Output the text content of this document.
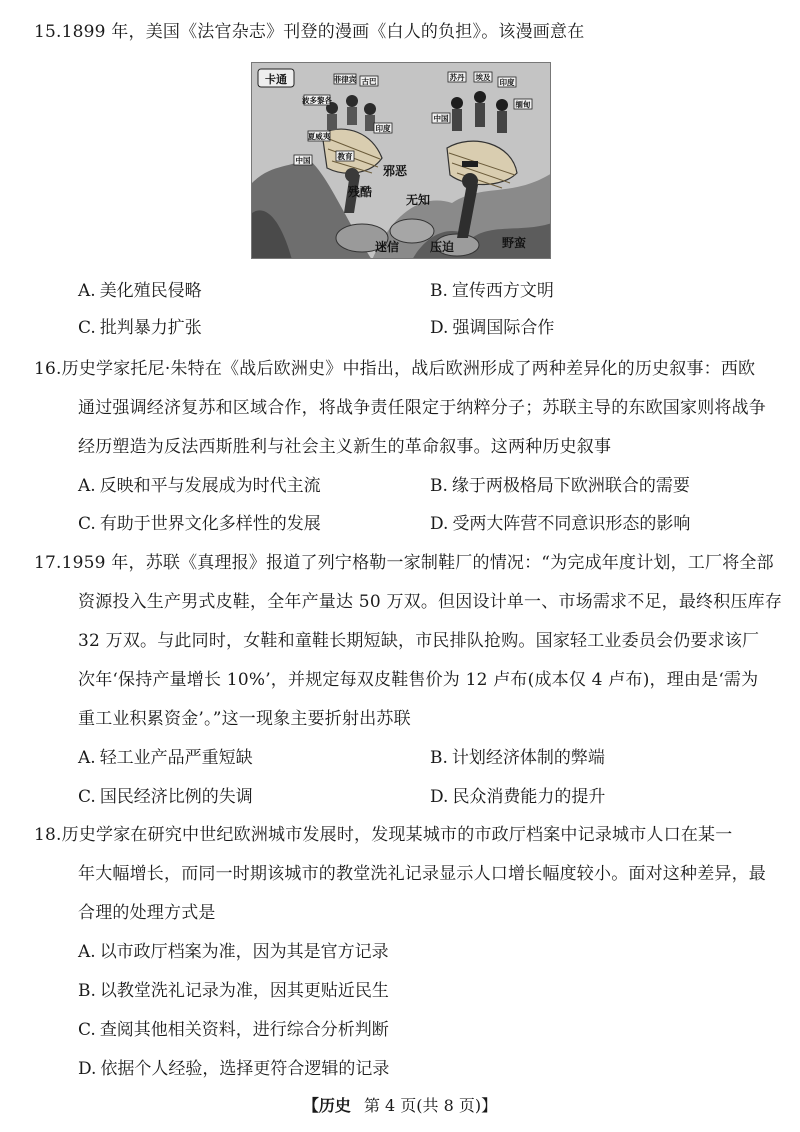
15.1899 年，美国《法官杂志》刊登的漫画《白人的负担》。该漫画意在
卡通	菲律宾 古巴
波多黎各
夏威夷
教育
印度
中国
苏丹 埃及
印度
缅甸
中国
残酷
邪恶
无知
迷信	压迫	野蛮
A. 美化殖民侵略	B. 宣传西方文明
C. 批判暴力扩张	D. 强调国际合作
16.历史学家托尼·朱特在《战后欧洲史》中指出，战后欧洲形成了两种差异化的历史叙事：西欧
通过强调经济复苏和区域合作，将战争责任限定于纳粹分子；苏联主导的东欧国家则将战争
经历塑造为反法西斯胜利与社会主义新生的革命叙事。这两种历史叙事
A. 反映和平与发展成为时代主流	B. 缘于两极格局下欧洲联合的需要
C. 有助于世界文化多样性的发展	D. 受两大阵营不同意识形态的影响
17.1959 年，苏联《真理报》报道了列宁格勒一家制鞋厂的情况：“为完成年度计划，工厂将全部
资源投入生产男式皮鞋，全年产量达 50 万双。但因设计单一、市场需求不足，最终积压库存
32 万双。与此同时，女鞋和童鞋长期短缺，市民排队抢购。国家轻工业委员会仍要求该厂
次年‘保持产量增长 10%’，并规定每双皮鞋售价为 12 卢布(成本仅 4 卢布)，理由是‘需为
重工业积累资金’。”这一现象主要折射出苏联
A. 轻工业产品严重短缺	B. 计划经济体制的弊端
C. 国民经济比例的失调	D. 民众消费能力的提升
18.历史学家在研究中世纪欧洲城市发展时，发现某城市的市政厅档案中记录城市人口在某一
年大幅增长，而同一时期该城市的教堂洗礼记录显示人口增长幅度较小。面对这种差异，最
合理的处理方式是
A. 以市政厅档案为准，因为其是官方记录
B. 以教堂洗礼记录为准，因其更贴近民生
C. 查阅其他相关资料，进行综合分析判断
D. 依据个人经验，选择更符合逻辑的记录
【历史 第 4 页(共 8 页)】
